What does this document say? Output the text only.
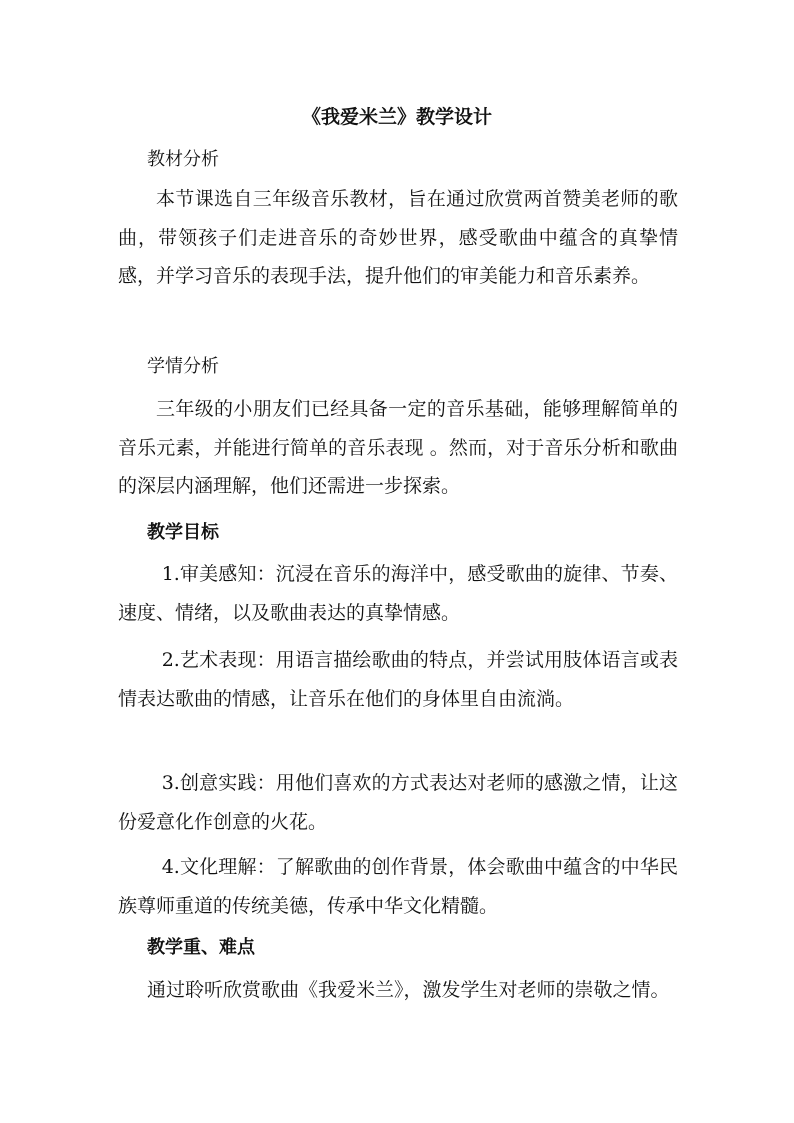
《我爱米兰》教学设计
教材分析
本节课选自三年级音乐教材，旨在通过欣赏两首赞美老师的歌曲，带领孩子们走进音乐的奇妙世界，感受歌曲中蕴含的真挚情感，并学习音乐的表现手法，提升他们的审美能力和音乐素养。
学情分析
三年级的小朋友们已经具备一定的音乐基础，能够理解简单的音乐元素，并能进行简单的音乐表现 。然而，对于音乐分析和歌曲的深层内涵理解，他们还需进一步探索。
教学目标
1.审美感知：沉浸在音乐的海洋中，感受歌曲的旋律、节奏、速度、情绪，以及歌曲表达的真挚情感。
2.艺术表现：用语言描绘歌曲的特点，并尝试用肢体语言或表情表达歌曲的情感，让音乐在他们的身体里自由流淌。
3.创意实践：用他们喜欢的方式表达对老师的感激之情，让这份爱意化作创意的火花。
4.文化理解：了解歌曲的创作背景，体会歌曲中蕴含的中华民族尊师重道的传统美德，传承中华文化精髓。
教学重、难点
通过聆听欣赏歌曲《我爱米兰》，激发学生对老师的崇敬之情。
